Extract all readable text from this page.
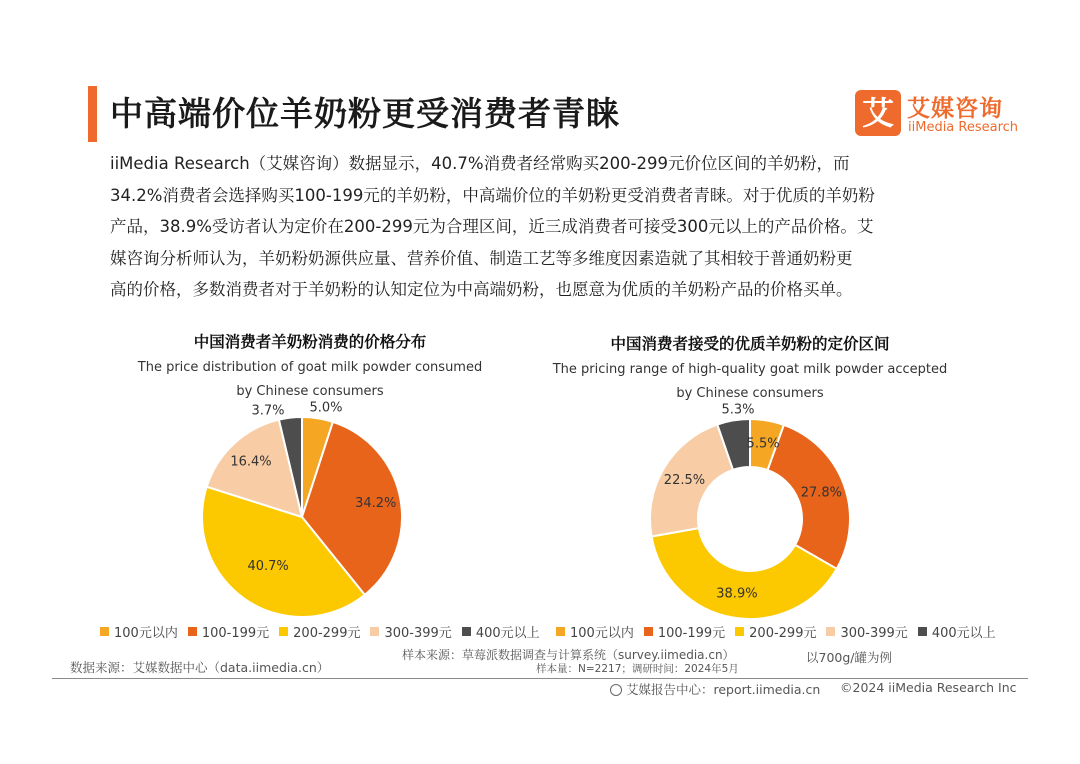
中高端价位羊奶粉更受消费者青睐	艾 艾媒咨询
iiMedia Research

iiMedia Research（艾媒咨询）数据显示，40.7%消费者经常购买200-299元价位区间的羊奶粉，而

34.2%消费者会选择购买100-199元的羊奶粉，中高端价位的羊奶粉更受消费者青睐。对于优质的羊奶粉

产品，38.9%受访者认为定价在200-299元为合理区间，近三成消费者可接受300元以上的产品价格。艾

媒咨询分析师认为，羊奶粉奶源供应量、营养价值、制造工艺等多维度因素造就了其相较于普通奶粉更

高的价格，多数消费者对于羊奶粉的认知定位为中高端奶粉，也愿意为优质的羊奶粉产品的价格买单。

中国消费者羊奶粉消费的价格分布
The price distribution of goat milk powder consumed
by Chinese consumers
5.0%
34.2%
40.7%
16.4%
3.7%
100元以内 100-199元 200-299元 300-399元 400元以上
中国消费者接受的优质羊奶粉的定价区间
The pricing range of high-quality goat milk powder accepted
by Chinese consumers
5.5%
27.8%
38.9%
22.5%
5.3%
100元以内 100-199元 200-299元 300-399元 400元以上
样本来源：草莓派数据调查与计算系统（survey.iimedia.cn）
样本量：N=2217；调研时间：2024年5月
以700g/罐为例
数据来源：艾媒数据中心（data.iimedia.cn）
艾媒报告中心：report.iimedia.cn ©2024 iiMedia Research Inc
